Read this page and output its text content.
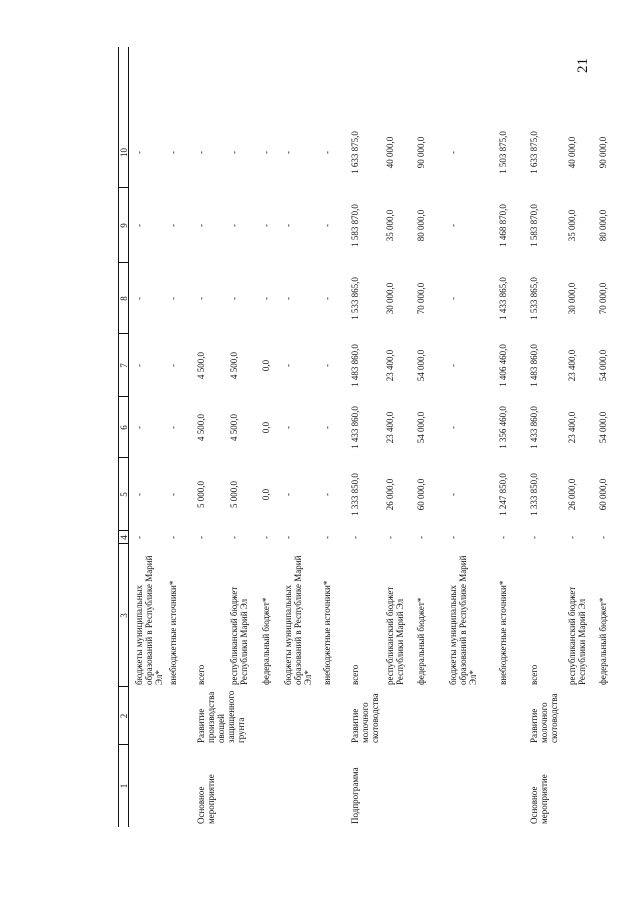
21
1
2
3
4
5
6
7
8
9
10
бюджеты муниципальных образований в Республике Марий Эл*
-
-
-
-
-
-
-
внебюджетные источники*
-
-
-
-
-
-
-
Основное мероприятие
Развитие производства овощей защищенного грунта
всего
-
5 000,0
4 500,0
4 500,0
-
-
-
республиканский бюджет Республики Марий Эл
-
5 000,0
4 500,0
4 500,0
-
-
-
федеральный бюджет*
-
0,0
0,0
0,0
-
-
-
бюджеты муниципальных образований в Республике Марий Эл*
-
-
-
-
-
-
-
внебюджетные источники*
-
-
-
-
-
-
-
Подпрограмма
Развитие молочного скотоводства
всего
-
1 333 850,0
1 433 860,0
1 483 860,0
1 533 865,0
1 583 870,0
1 633 875,0
республиканский бюджет Республики Марий Эл
-
26 000,0
23 400,0
23 400,0
30 000,0
35 000,0
40 000,0
федеральный бюджет*
-
60 000,0
54 000,0
54 000,0
70 000,0
80 000,0
90 000,0
бюджеты муниципальных образований в Республике Марий Эл*
-
-
-
-
-
-
-
внебюджетные источники*
-
1 247 850,0
1 356 460,0
1 406 460,0
1 433 865,0
1 468 870,0
1 503 875,0
Основное мероприятие
Развитие молочного скотоводства
всего
-
1 333 850,0
1 433 860,0
1 483 860,0
1 533 865,0
1 583 870,0
1 633 875,0
республиканский бюджет Республики Марий Эл
-
26 000,0
23 400,0
23 400,0
30 000,0
35 000,0
40 000,0
федеральный бюджет*
-
60 000,0
54 000,0
54 000,0
70 000,0
80 000,0
90 000,0
